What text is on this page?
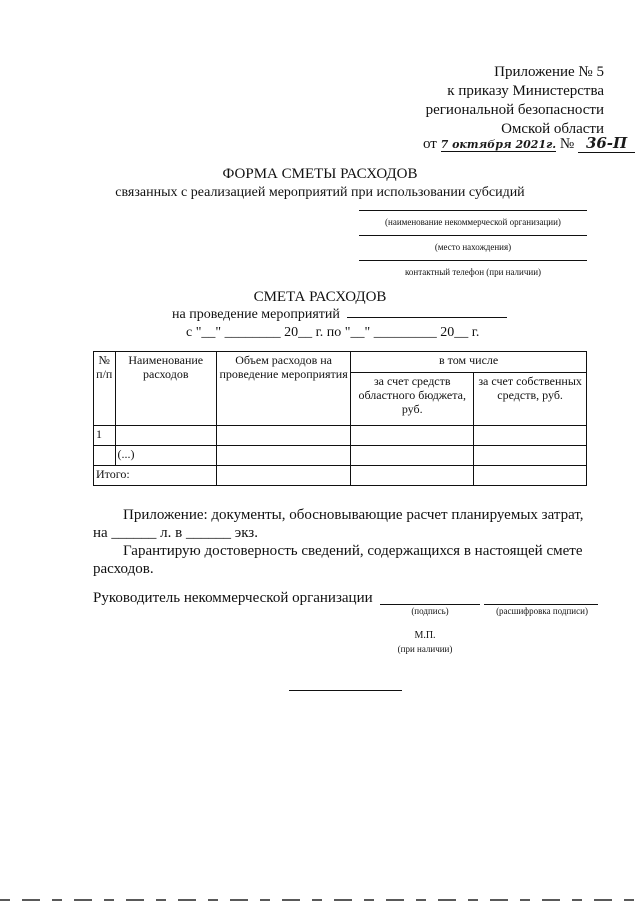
Приложение № 5
к приказу Министерства
региональной безопасности
Омской области
от 7 октября 2021г. № 36-П
ФОРМА СМЕТЫ РАСХОДОВ
связанных с реализацией мероприятий при использовании субсидий
(наименование некоммерческой организации)
(место нахождения)
контактный телефон (при наличии)
СМЕТА РАСХОДОВ
на проведение мероприятий
с "__" ________ 20__ г. по "__" _________ 20__ г.
№ п/п	Наименование расходов	Объем расходов на проведение мероприятия	в том числе	
			за счет средств областного бюджета, руб.	за счет собственных средств, руб.
1				
	(...)			
Итого:				
Приложение: документы, обосновывающие расчет планируемых затрат,
на ______ л. в ______ экз.
Гарантирую достоверность сведений, содержащихся в настоящей смете
расходов.
Руководитель некоммерческой организации
(подпись)	(расшифровка подписи)
М.П.
(при наличии)
